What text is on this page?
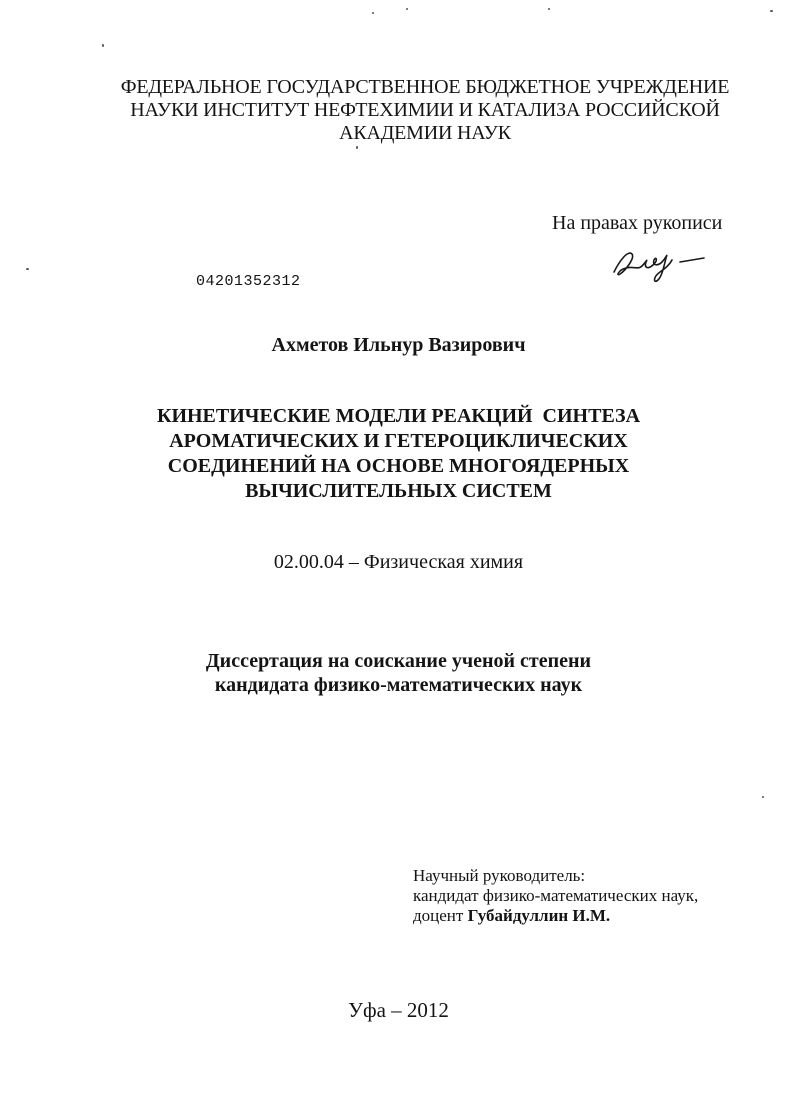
ФЕДЕРАЛЬНОЕ ГОСУДАРСТВЕННОЕ БЮДЖЕТНОЕ УЧРЕЖДЕНИЕ
НАУКИ ИНСТИТУТ НЕФТЕХИМИИ И КАТАЛИЗА РОССИЙСКОЙ
АКАДЕМИИ НАУК
На правах рукописи
04201352312
Ахметов Ильнур Вазирович
КИНЕТИЧЕСКИЕ МОДЕЛИ РЕАКЦИЙ  СИНТЕЗА
АРОМАТИЧЕСКИХ И ГЕТЕРОЦИКЛИЧЕСКИХ
СОЕДИНЕНИЙ НА ОСНОВЕ МНОГОЯДЕРНЫХ
ВЫЧИСЛИТЕЛЬНЫХ СИСТЕМ
02.00.04 – Физическая химия
Диссертация на соискание ученой степени
кандидата физико-математических наук
Научный руководитель:
кандидат физико-математических наук,
доцент Губайдуллин И.М.
Уфа – 2012
